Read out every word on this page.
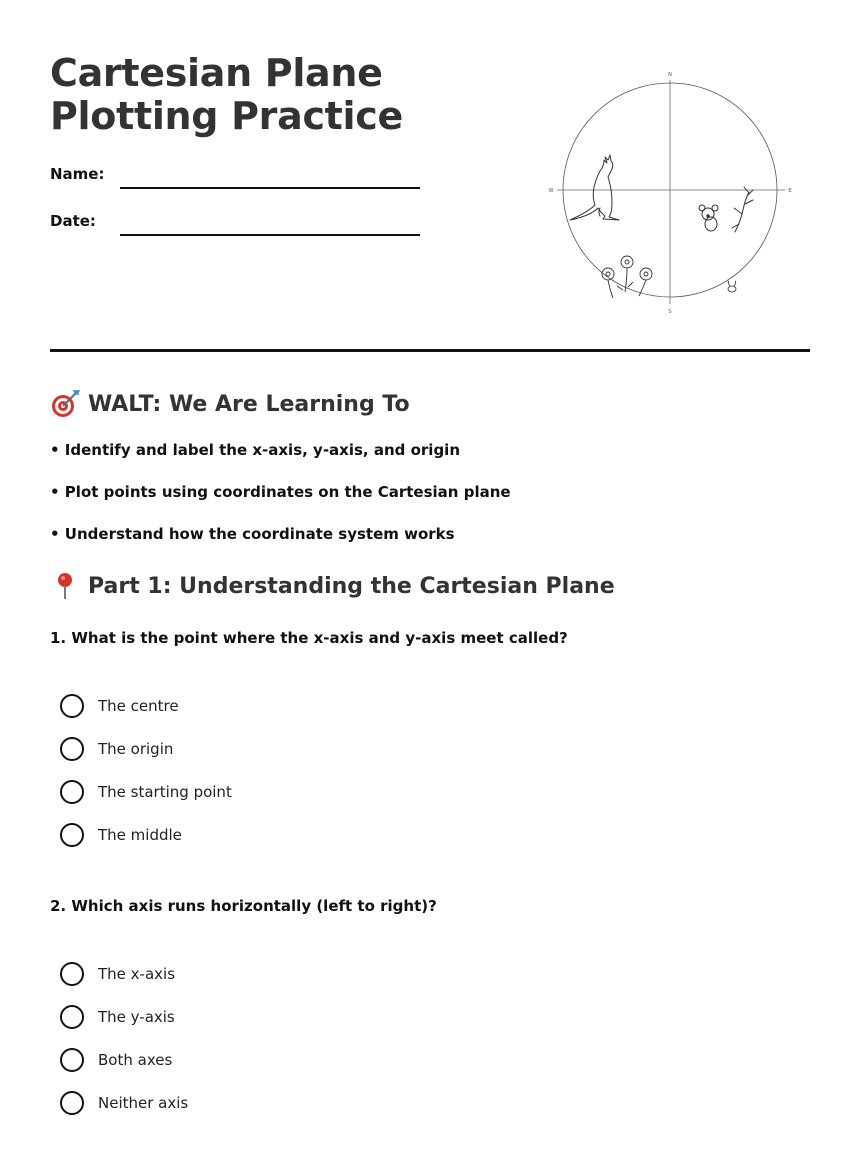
Cartesian Plane Plotting Practice
Name:
Date:
N
S
E
W
WALT: We Are Learning To
• Identify and label the x-axis, y-axis, and origin
• Plot points using coordinates on the Cartesian plane
• Understand how the coordinate system works
Part 1: Understanding the Cartesian Plane
1. What is the point where the x-axis and y-axis meet called?
The centre
The origin
The starting point
The middle
2. Which axis runs horizontally (left to right)?
The x-axis
The y-axis
Both axes
Neither axis
